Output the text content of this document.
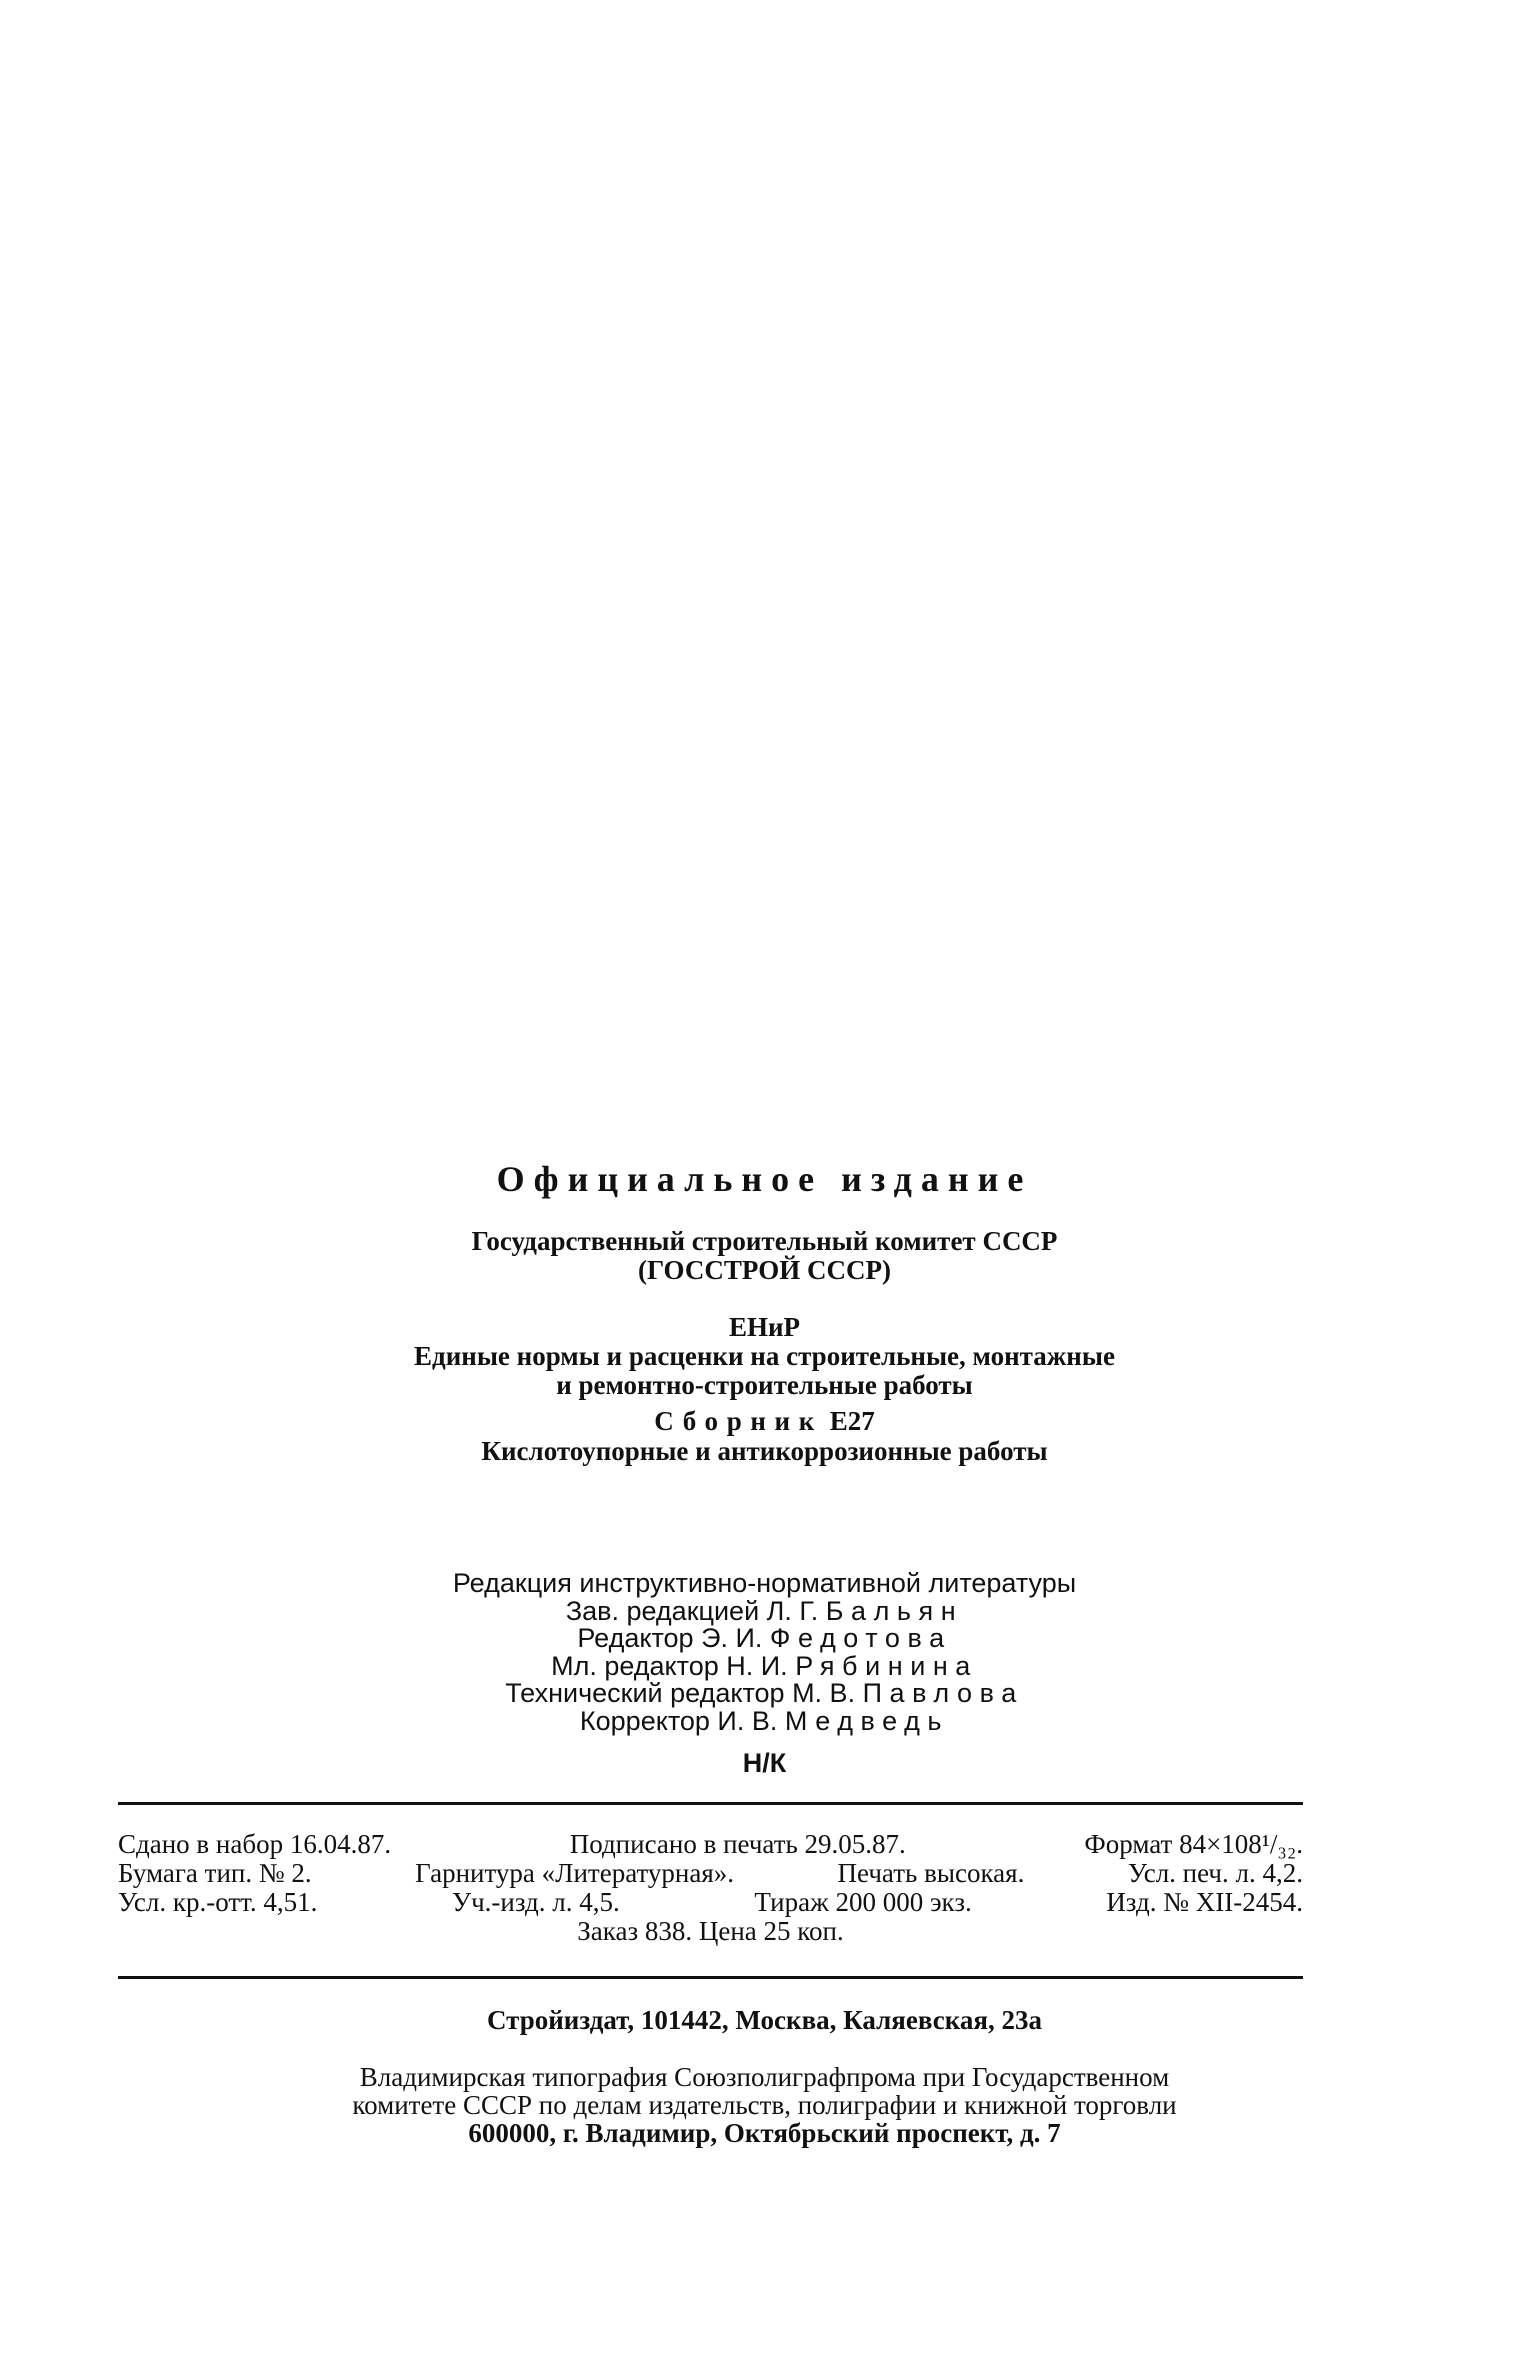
Официальное издание
Государственный строительный комитет СССР
(ГОССТРОЙ СССР)
ЕНиР
Единые нормы и расценки на строительные, монтажные
и ремонтно-строительные работы
Сборник Е27
Кислотоупорные и антикоррозионные работы
Редакция инструктивно-нормативной литературы
Зав. редакцией Л. Г. Бальян
Редактор Э. И. Федотова
Мл. редактор Н. И. Рябинина
Технический редактор М. В. Павлова
Корректор И. В. Медведь
Н/К
Сдано в набор 16.04.87.	Подписано в печать 29.05.87.	Формат 84×108¹/₃₂.
Бумага тип. № 2.	Гарнитура «Литературная».	Печать высокая.	Усл. печ. л. 4,2.
Усл. кр.-отт. 4,51.	Уч.-изд. л. 4,5.	Тираж 200 000 экз.	Изд. № XII-2454.
Заказ 838. Цена 25 коп.
Стройиздат, 101442, Москва, Каляевская, 23а
Владимирская типография Союзполиграфпрома при Государственном
комитете СССР по делам издательств, полиграфии и книжной торговли
600000, г. Владимир, Октябрьский проспект, д. 7
